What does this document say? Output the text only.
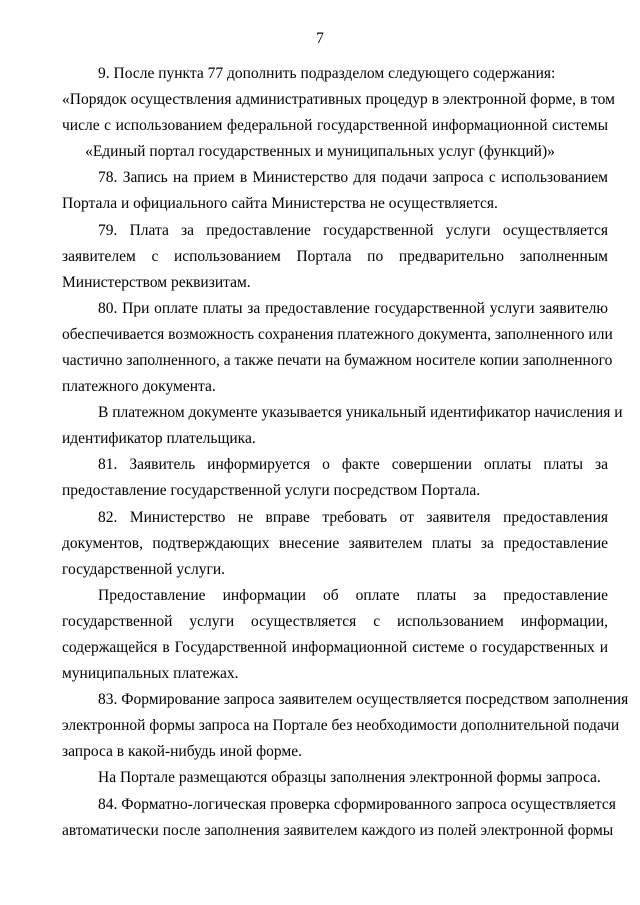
7
9. После пункта 77 дополнить подразделом следующего содержания:
«Порядок осуществления административных процедур в электронной форме, в том
числе с использованием федеральной государственной информационной системы
«Единый портал государственных и муниципальных услуг (функций)»
78. Запись на прием в Министерство для подачи запроса с использованием
Портала и официального сайта Министерства не осуществляется.
79. Плата за предоставление государственной услуги осуществляется
заявителем с использованием Портала по предварительно заполненным
Министерством реквизитам.
80. При оплате платы за предоставление государственной услуги заявителю
обеспечивается возможность сохранения платежного документа, заполненного или
частично заполненного, а также печати на бумажном носителе копии заполненного
платежного документа.
В платежном документе указывается уникальный идентификатор начисления и
идентификатор плательщика.
81. Заявитель информируется о факте совершении оплаты платы за
предоставление государственной услуги посредством Портала.
82. Министерство не вправе требовать от заявителя предоставления
документов, подтверждающих внесение заявителем платы за предоставление
государственной услуги.
Предоставление информации об оплате платы за предоставление
государственной услуги осуществляется с использованием информации,
содержащейся в Государственной информационной системе о государственных и
муниципальных платежах.
83. Формирование запроса заявителем осуществляется посредством заполнения
электронной формы запроса на Портале без необходимости дополнительной подачи
запроса в какой-нибудь иной форме.
На Портале размещаются образцы заполнения электронной формы запроса.
84. Форматно-логическая проверка сформированного запроса осуществляется
автоматически после заполнения заявителем каждого из полей электронной формы
